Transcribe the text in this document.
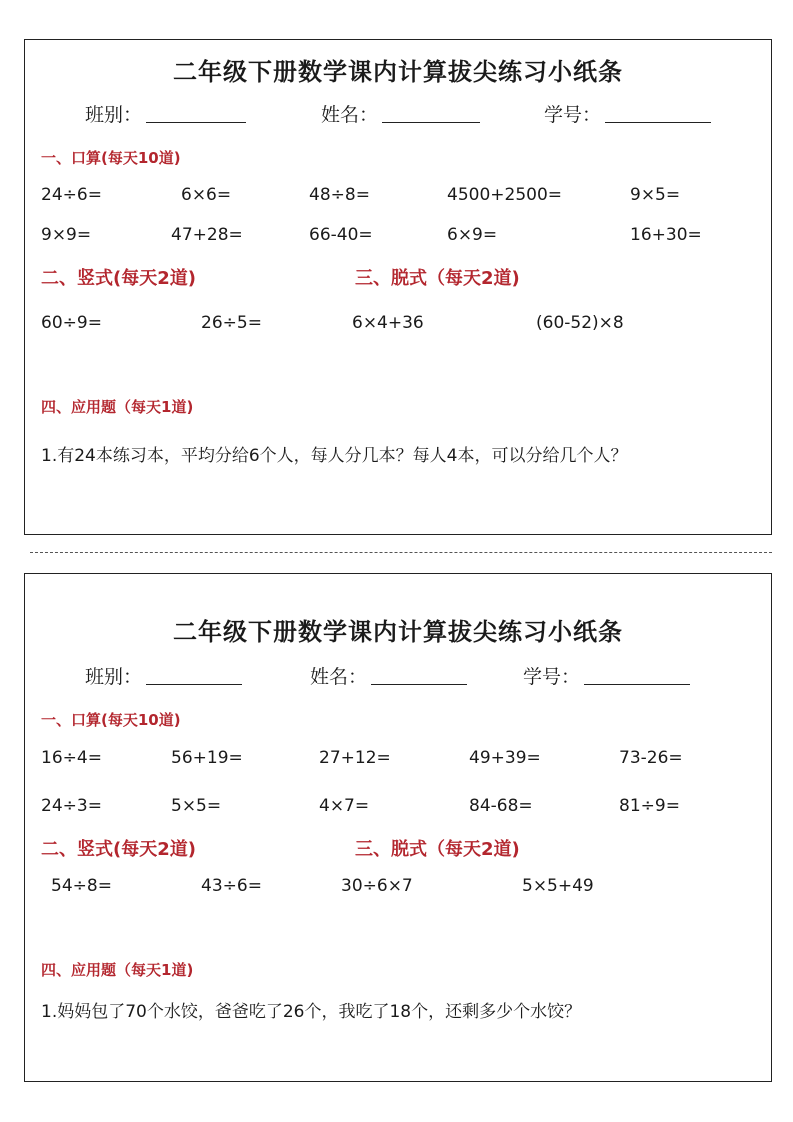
二年级下册数学课内计算拔尖练习小纸条
班别：	姓名：	学号：
一、口算(每天10道)
24÷6=	6×6=	48÷8=	4500+2500=	9×5=
9×9=	47+28=	66-40=	6×9=	16+30=
二、竖式(每天2道)	三、脱式（每天2道)
60÷9=	26÷5=	6×4+36	(60-52)×8
四、应用题（每天1道)
1.有24本练习本，平均分给6个人，每人分几本？每人4本，可以分给几个人？
二年级下册数学课内计算拔尖练习小纸条
班别：	姓名：	学号：
一、口算(每天10道)
16÷4=	56+19=	27+12=	49+39=	73-26=
24÷3=	5×5=	4×7=	84-68=	81÷9=
二、竖式(每天2道)	三、脱式（每天2道)
54÷8=	43÷6=	30÷6×7	5×5+49
四、应用题（每天1道)
1.妈妈包了70个水饺，爸爸吃了26个，我吃了18个，还剩多少个水饺？
